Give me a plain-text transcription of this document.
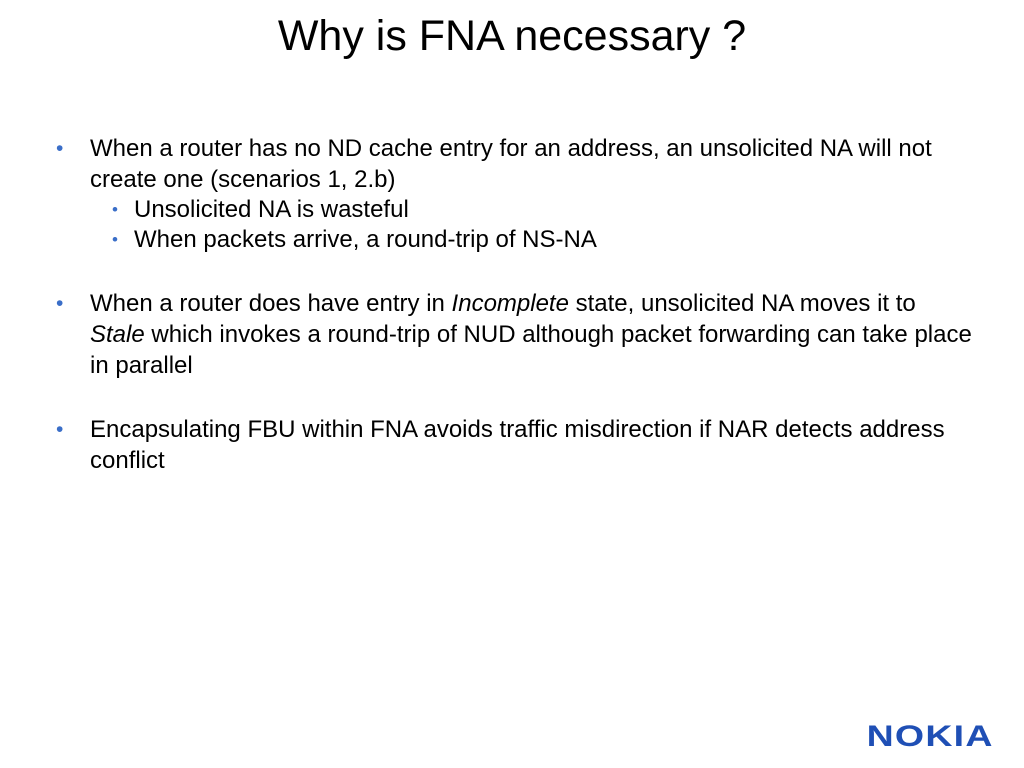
Why is FNA necessary ?
• When a router has no ND cache entry for an address, an unsolicited NA will not create one (scenarios 1, 2.b)
• Unsolicited NA is wasteful
• When packets arrive, a round-trip of NS-NA
• When a router does have entry in Incomplete state, unsolicited NA moves it to Stale which invokes a round-trip of NUD although packet forwarding can take place in parallel
• Encapsulating FBU within FNA avoids traffic misdirection if NAR detects address conflict
NOKIA
